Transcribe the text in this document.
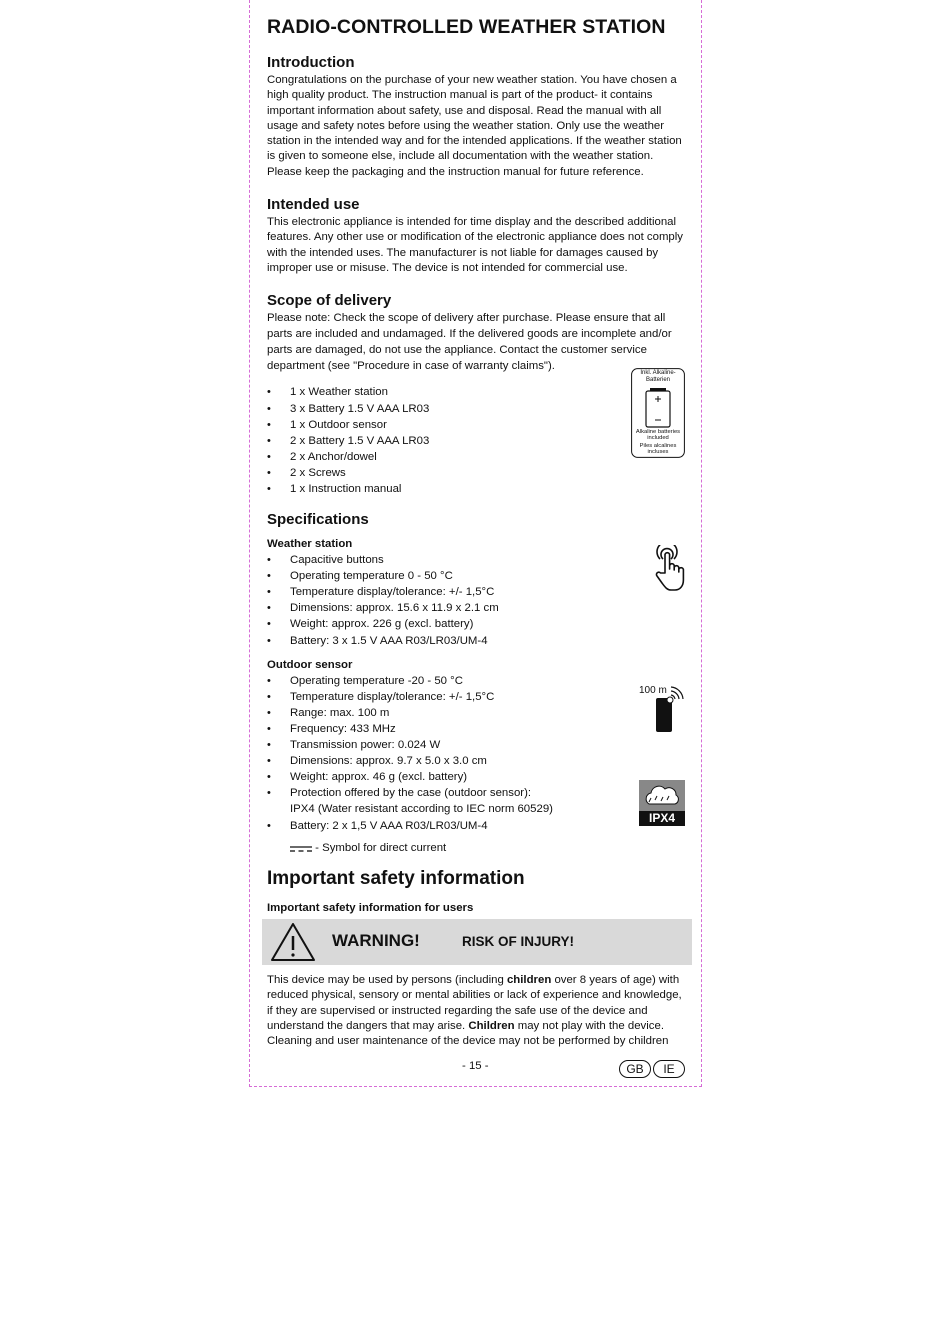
RADIO-CONTROLLED WEATHER STATION
Introduction

Congratulations on the purchase of your new weather station. You have chosen a high quality product. The instruction manual is part of the product- it contains important information about safety, use and disposal. Read the manual with all usage and safety notes before using the weather station. Only use the weather station in the intended way and for the intended applications. If the weather station is given to someone else, include all documentation with the weather station. Please keep the packaging and the instruction manual for future reference.

Intended use

This electronic appliance is intended for time display and the described additional features. Any other use or modification of the electronic appliance does not comply with the intended uses. The manufacturer is not liable for damages caused by improper use or misuse. The device is not intended for commercial use.

Scope of delivery

Please note: Check the scope of delivery after purchase. Please ensure that all parts are included and undamaged. If the delivered goods are incomplete and/or parts are damaged, do not use the appliance. Contact the customer service department (see "Procedure in case of warranty claims").

• 1 x Weather station
• 3 x Battery 1.5 V AAA LR03
• 1 x Outdoor sensor
• 2 x Battery 1.5 V AAA LR03
• 2 x Anchor/dowel
• 2 x Screws
• 1 x Instruction manual
Specifications
Weather station
• Capacitive buttons
• Operating temperature 0 - 50 °C
• Temperature display/tolerance: +/- 1,5°C
• Dimensions: approx. 15.6 x 11.9 x 2.1 cm
• Weight: approx. 226 g (excl. battery)
• Battery: 3 x 1.5 V AAA R03/LR03/UM-4
Outdoor sensor
• Operating temperature -20 - 50 °C
• Temperature display/tolerance: +/- 1,5°C
• Range: max. 100 m
• Frequency: 433 MHz
• Transmission power: 0.024 W
• Dimensions: approx. 9.7 x 5.0 x 3.0 cm
• Weight: approx. 46 g (excl. battery)
• Protection offered by the case (outdoor sensor):
IPX4 (Water resistant according to IEC norm 60529)
• Battery: 2 x 1,5 V AAA R03/LR03/UM-4
- Symbol for direct current
Important safety information
Important safety information for users
Inkl. Alkaline-Batterien
Alkaline batteries included
Piles alcalines incluses
100 m
IPX4
WARNING!	RISK OF INJURY!

This device may be used by persons (including children over 8 years of age) with reduced physical, sensory or mental abilities or lack of experience and knowledge, if they are supervised or instructed regarding the safe use of the device and understand the dangers that may arise. Children may not play with the device. Cleaning and user maintenance of the device may not be performed by children

- 15 -	GB	IE
